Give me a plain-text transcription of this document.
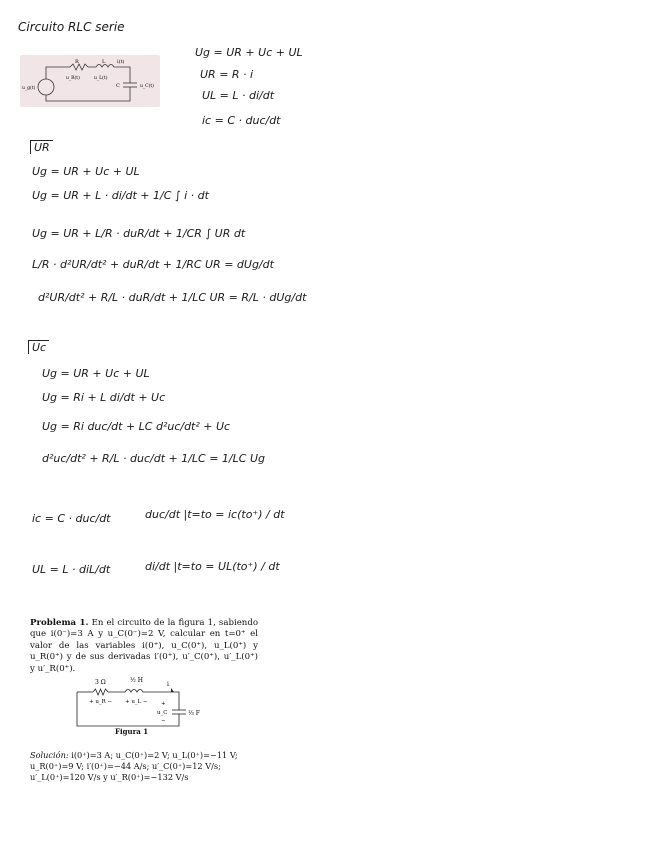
Circuito RLC serie
R	L i(t)
u_R(t)	u_L(t)
C	u_C(t)
u_g(t)
Ug = UR + Uc + UL
UR = R · i
UL = L · di/dt
ic = C · duc/dt
UR
Ug = UR + Uc + UL
Ug = UR + L · di/dt + 1/C ∫ i · dt
Ug = UR + L/R · duR/dt + 1/CR ∫ UR dt
L/R · d²UR/dt² + duR/dt + 1/RC UR = dUg/dt
d²UR/dt² + R/L · duR/dt + 1/LC UR = R/L · dUg/dt
Uc
Ug = UR + Uc + UL
Ug = Ri + L di/dt + Uc
Ug = Ri duc/dt + LC d²uc/dt² + Uc
d²uc/dt² + R/L · duc/dt + 1/LC = 1/LC Ug
ic = C · duc/dt	duc/dt |t=to = ic(to⁺) / dt
UL = L · diL/dt	di/dt |t=to = UL(to⁺) / dt
Problema 1. En el circuito de la figura 1, sabiendo que i(0⁻)=3 A y u_C(0⁻)=2 V, calcular en t=0⁺ el valor de las variables i(0⁺), u_C(0⁺), u_L(0⁺) y u_R(0⁺) y de sus derivadas i′(0⁺), u′_C(0⁺), u′_L(0⁺) y u′_R(0⁺).
3 Ω	½ H
i
+ u_R − + u_L − +
u_C
−
⅓ F
Figura 1
Solución: i(0⁺)=3 A; u_C(0⁺)=2 V; u_L(0⁺)=−11 V;
u_R(0⁺)=9 V; i′(0⁺)=−44 A/s; u′_C(0⁺)=12 V/s;
u′_L(0⁺)=120 V/s y u′_R(0⁺)=−132 V/s
